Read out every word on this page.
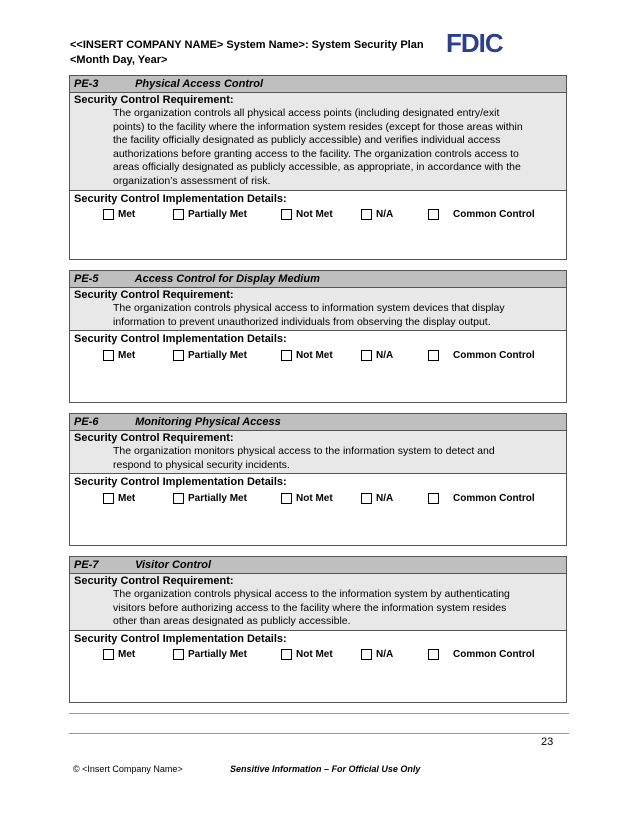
<<INSERT COMPANY NAME> System Name>: System Security Plan
<Month Day, Year>
FDIC
PE-3	Physical Access Control
Security Control Requirement:
The organization controls all physical access points (including designated entry/exit
points) to the facility where the information system resides (except for those areas within
the facility officially designated as publicly accessible) and verifies individual access
authorizations before granting access to the facility. The organization controls access to
areas officially designated as publicly accessible, as appropriate, in accordance with the
organization’s assessment of risk.
Security Control Implementation Details:
Met	Partially Met	Not Met	N/A	Common Control
PE-5	Access Control for Display Medium
Security Control Requirement:
The organization controls physical access to information system devices that display
information to prevent unauthorized individuals from observing the display output.
Security Control Implementation Details:
Met	Partially Met	Not Met	N/A	Common Control
PE-6	Monitoring Physical Access
Security Control Requirement:
The organization monitors physical access to the information system to detect and
respond to physical security incidents.
Security Control Implementation Details:
Met	Partially Met	Not Met	N/A	Common Control
PE-7	Visitor Control
Security Control Requirement:
The organization controls physical access to the information system by authenticating
visitors before authorizing access to the facility where the information system resides
other than areas designated as publicly accessible.
Security Control Implementation Details:
Met	Partially Met	Not Met	N/A	Common Control
23
© <Insert Company Name>	Sensitive Information – For Official Use Only
